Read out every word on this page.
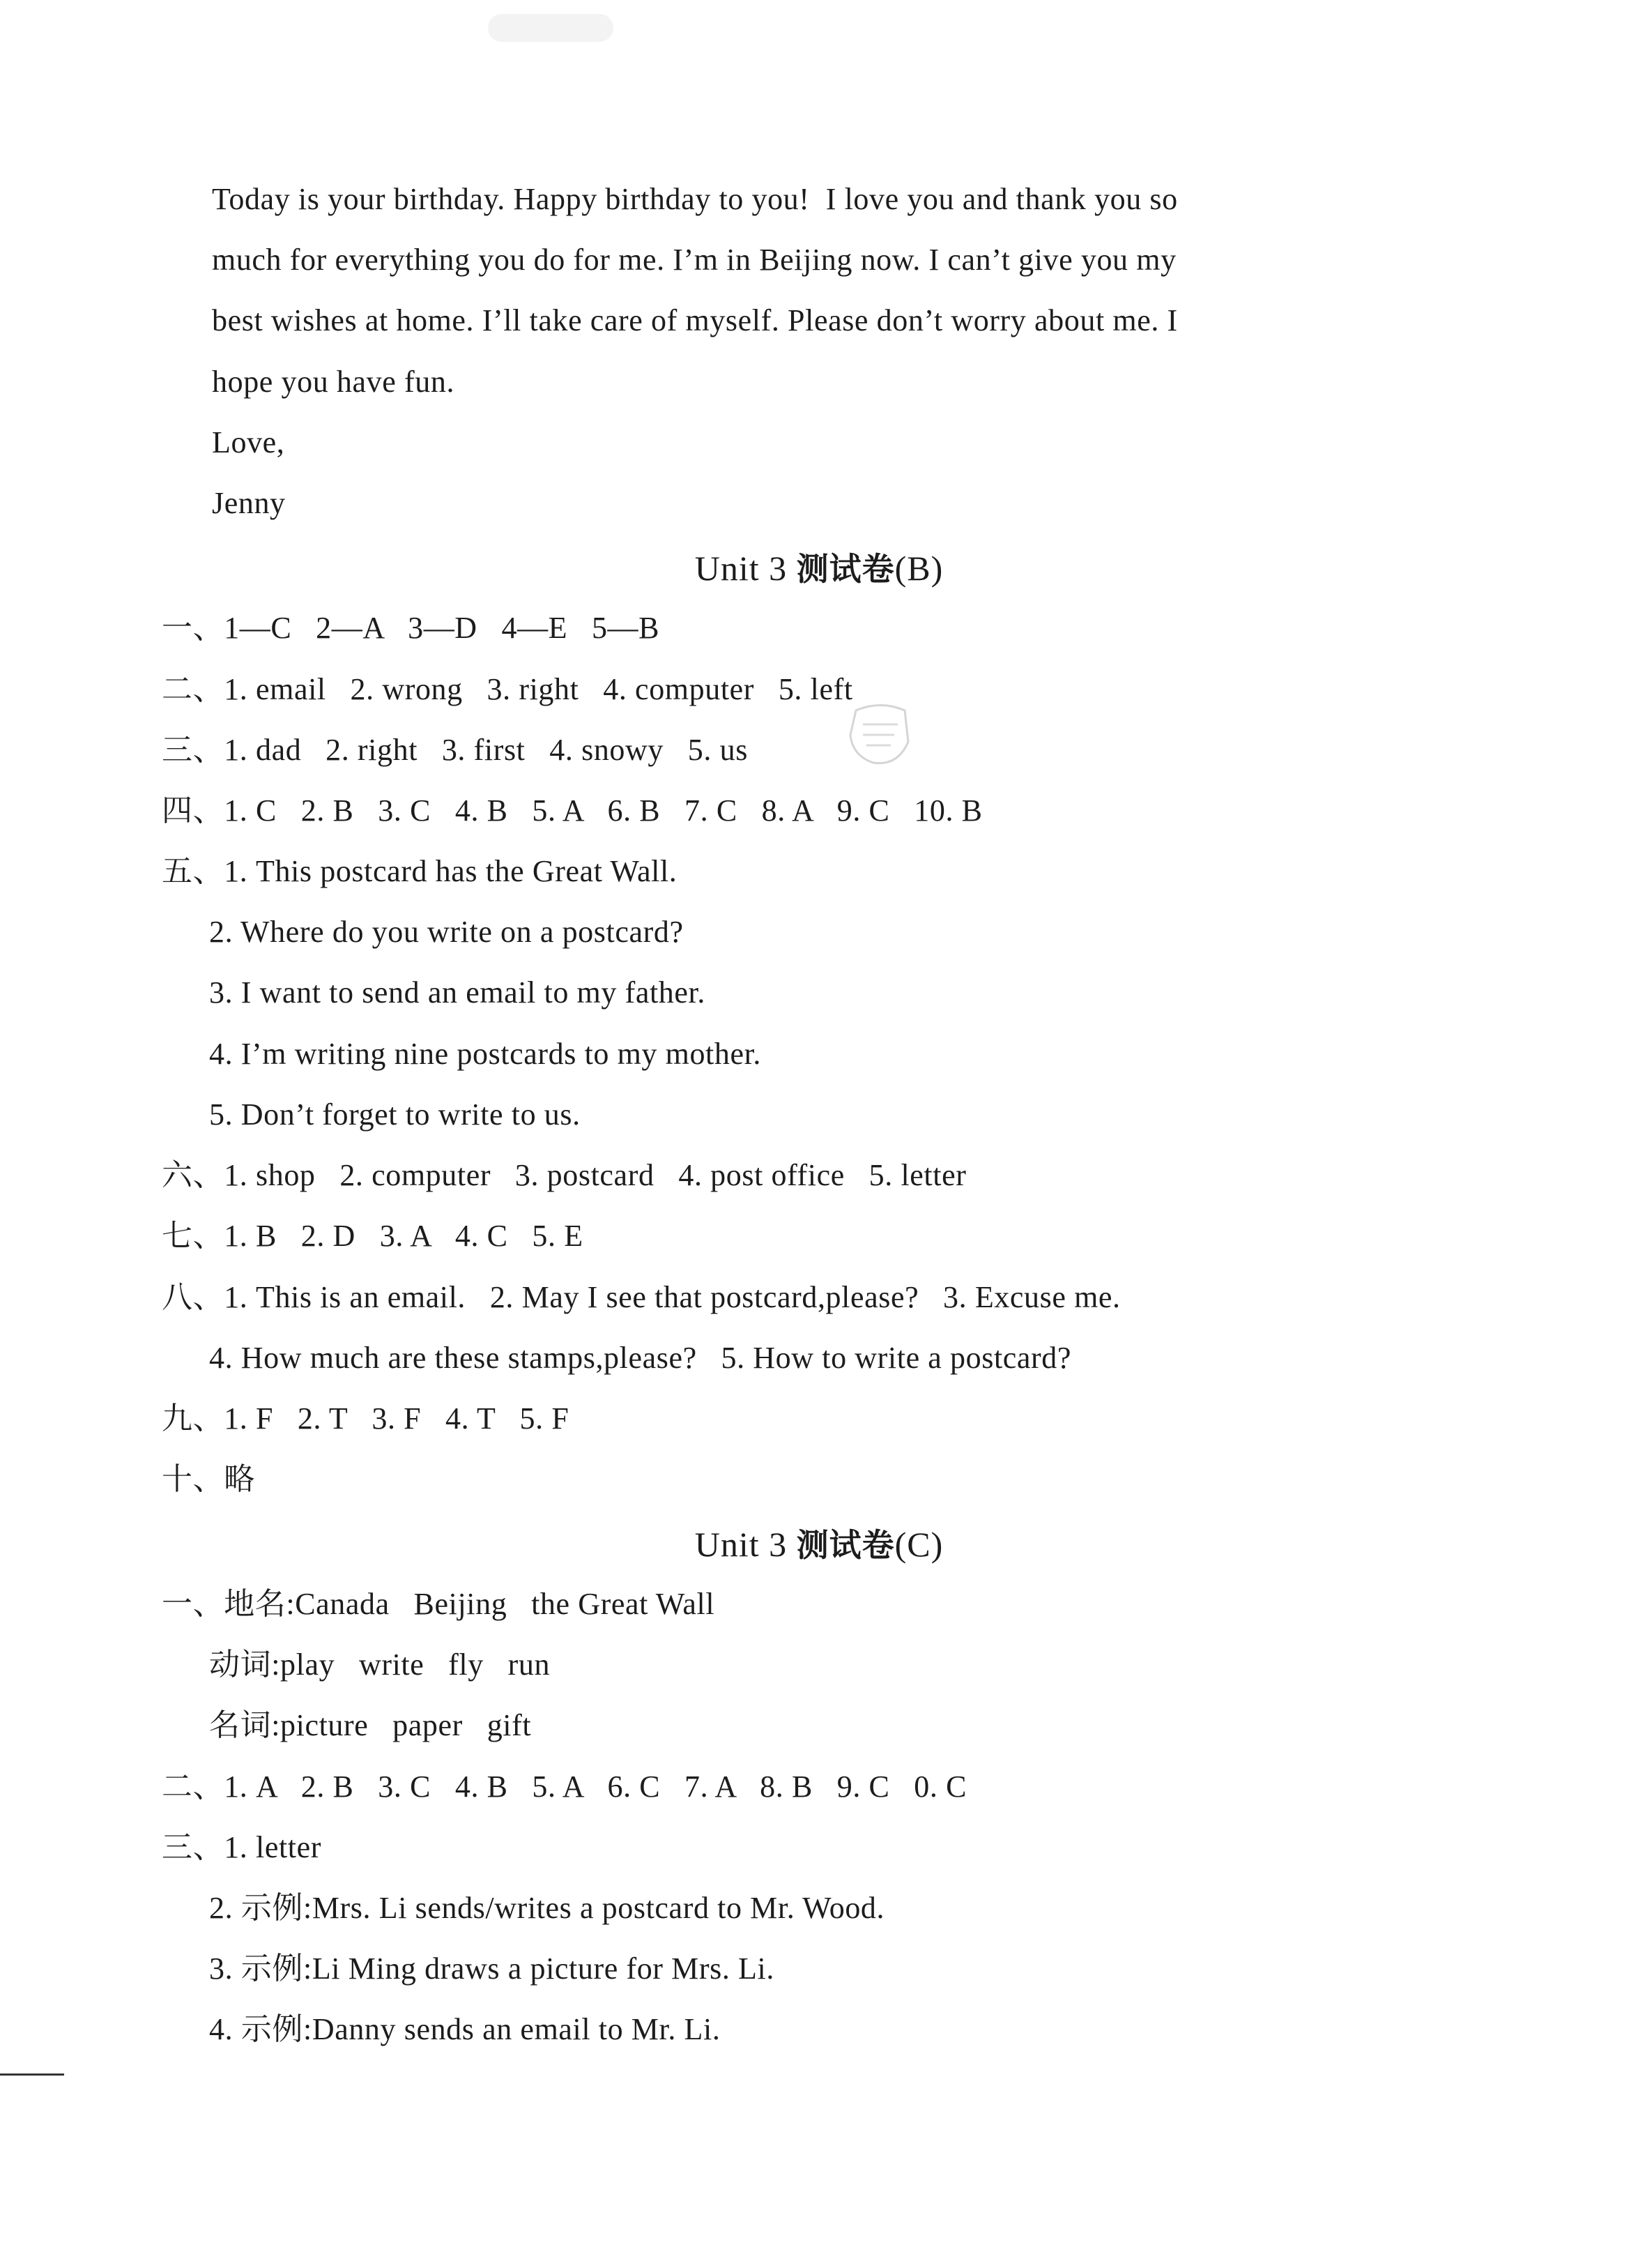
Today is your birthday. Happy birthday to you!  I love you and thank you so
much for everything you do for me. I’m in Beijing now. I can’t give you my
best wishes at home. I’ll take care of myself. Please don’t worry about me. I
hope you have fun.
Love,
Jenny
Unit 3 测试卷(B)
一、1—C   2—A   3—D   4—E   5—B
二、1. email   2. wrong   3. right   4. computer   5. left
三、1. dad   2. right   3. first   4. snowy   5. us
四、1. C   2. B   3. C   4. B   5. A   6. B   7. C   8. A   9. C   10. B
五、1. This postcard has the Great Wall.
2. Where do you write on a postcard?
3. I want to send an email to my father.
4. I’m writing nine postcards to my mother.
5. Don’t forget to write to us.
六、1. shop   2. computer   3. postcard   4. post office   5. letter
七、1. B   2. D   3. A   4. C   5. E
八、1. This is an email.   2. May I see that postcard,please?   3. Excuse me.
4. How much are these stamps,please?   5. How to write a postcard?
九、1. F   2. T   3. F   4. T   5. F
十、略
Unit 3 测试卷(C)
一、地名:Canada   Beijing   the Great Wall
动词:play   write   fly   run
名词:picture   paper   gift
二、1. A   2. B   3. C   4. B   5. A   6. C   7. A   8. B   9. C   0. C
三、1. letter
2. 示例:Mrs. Li sends/writes a postcard to Mr. Wood.
3. 示例:Li Ming draws a picture for Mrs. Li.
4. 示例:Danny sends an email to Mr. Li.
